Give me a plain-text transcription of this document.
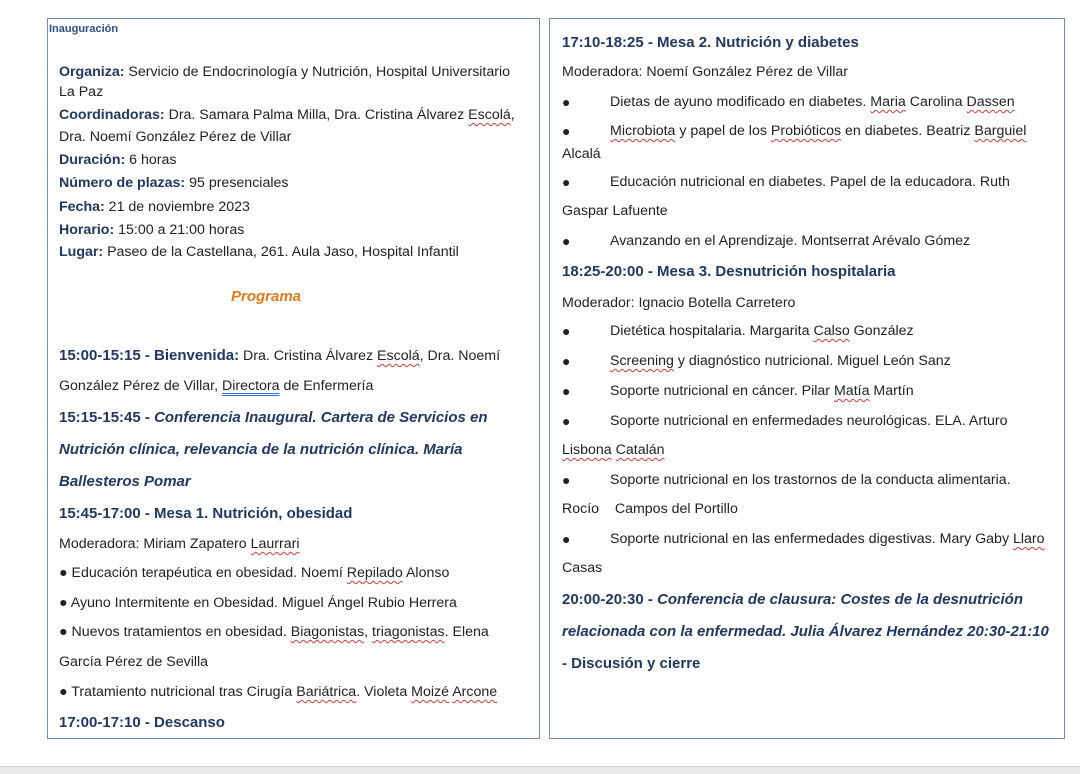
Inauguración
Organiza: Servicio de Endocrinología y Nutrición, Hospital Universitario
La Paz
Coordinadoras: Dra. Samara Palma Milla, Dra. Cristina Álvarez Escolá,
Dra. Noemí González Pérez de Villar
Duración: 6 horas
Número de plazas: 95 presenciales
Fecha: 21 de noviembre 2023
Horario: 15:00 a 21:00 horas
Lugar: Paseo de la Castellana, 261. Aula Jaso, Hospital Infantil
Programa
15:00-15:15 - Bienvenida: Dra. Cristina Álvarez Escolá, Dra. Noemí
González Pérez de Villar, Directora de Enfermería
15:15-15:45 - Conferencia Inaugural. Cartera de Servicios en
Nutrición clínica, relevancia de la nutrición clínica. María
Ballesteros Pomar
15:45-17:00 - Mesa 1. Nutrición, obesidad
Moderadora: Miriam Zapatero Laurrari
● Educación terapéutica en obesidad. Noemí Repilado Alonso
● Ayuno Intermitente en Obesidad. Miguel Ángel Rubio Herrera
● Nuevos tratamientos en obesidad. Biagonistas, triagonistas. Elena
García Pérez de Sevilla
● Tratamiento nutricional tras Cirugía Bariátrica. Violeta Moizé Arcone
17:00-17:10 - Descanso
17:10-18:25 - Mesa 2. Nutrición y diabetes
Moderadora: Noemí González Pérez de Villar
●	Dietas de ayuno modificado en diabetes. Maria Carolina Dassen
●	Microbiota y papel de los Probióticos en diabetes. Beatriz Barguiel
Alcalá
●	Educación nutricional en diabetes. Papel de la educadora. Ruth
Gaspar Lafuente
●	Avanzando en el Aprendizaje. Montserrat Arévalo Gómez
18:25-20:00 - Mesa 3. Desnutrición hospitalaria
Moderador: Ignacio Botella Carretero
●	Dietética hospitalaria. Margarita Calso González
●	Screening y diagnóstico nutricional. Miguel León Sanz
●	Soporte nutricional en cáncer. Pilar Matía Martín
●	Soporte nutricional en enfermedades neurológicas. ELA. Arturo
Lisbona Catalán
●	Soporte nutricional en los trastornos de la conducta alimentaria.
Rocío    Campos del Portillo
●	Soporte nutricional en las enfermedades digestivas. Mary Gaby Llaro
Casas
20:00-20:30 - Conferencia de clausura: Costes de la desnutrición
relacionada con la enfermedad. Julia Álvarez Hernández 20:30-21:10
- Discusión y cierre
